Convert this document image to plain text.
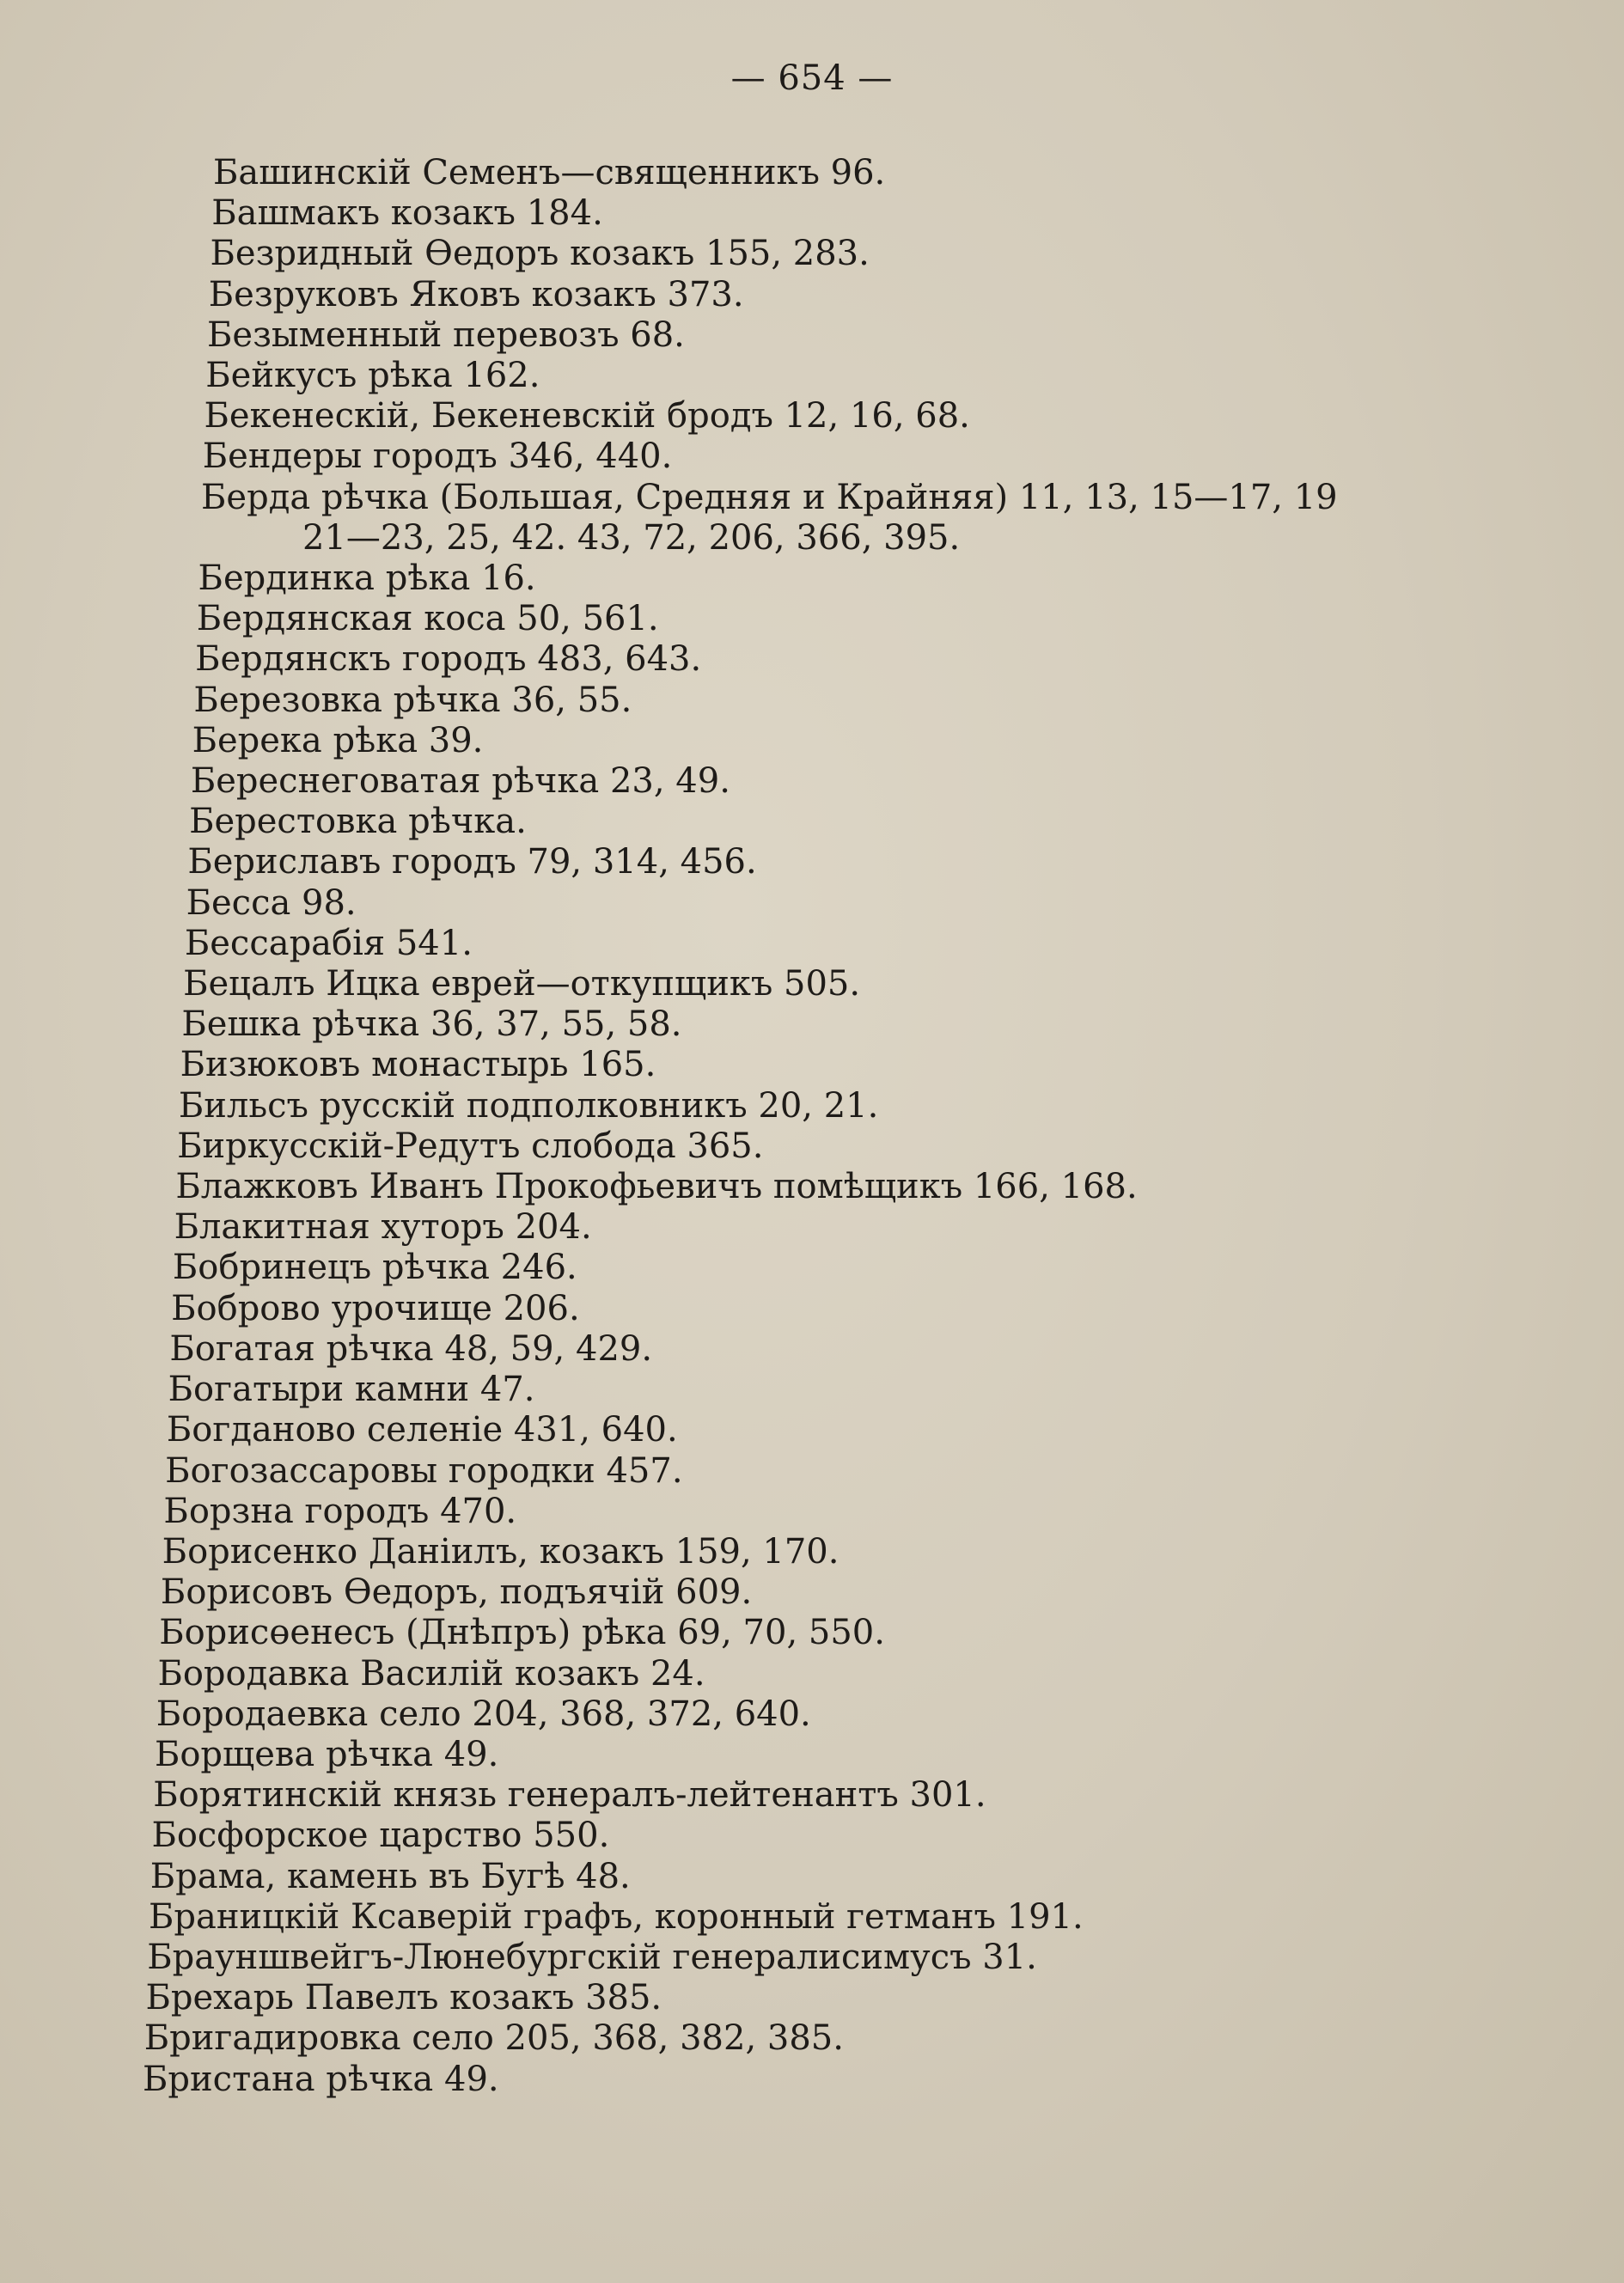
— 654 —
Башинскій Семенъ—священникъ 96.
Башмакъ козакъ 184.
Безридный Өедоръ козакъ 155, 283.
Безруковъ Яковъ козакъ 373.
Безыменный перевозъ 68.
Бейкусъ рѣка 162.
Бекенескій, Бекеневскій бродъ 12, 16, 68.
Бендеры городъ 346, 440.
Берда рѣчка (Большая, Средняя и Крайняя) 11, 13, 15—17, 19
21—23, 25, 42. 43, 72, 206, 366, 395.
Бердинка рѣка 16.
Бердянская коса 50, 561.
Бердянскъ городъ 483, 643.
Березовка рѣчка 36, 55.
Берека рѣка 39.
Береснеговатая рѣчка 23, 49.
Берестовка рѣчка.
Бериславъ городъ 79, 314, 456.
Бесса 98.
Бессарабія 541.
Бецалъ Ицка еврей—откупщикъ 505.
Бешка рѣчка 36, 37, 55, 58.
Бизюковъ монастырь 165.
Бильсъ русскій подполковникъ 20, 21.
Биркусскій-Редутъ слобода 365.
Блажковъ Иванъ Прокофьевичъ помѣщикъ 166, 168.
Блакитная хуторъ 204.
Бобринецъ рѣчка 246.
Боброво урочище 206.
Богатая рѣчка 48, 59, 429.
Богатыри камни 47.
Богданово селеніе 431, 640.
Богозассаровы городки 457.
Борзна городъ 470.
Борисенко Даніилъ, козакъ 159, 170.
Борисовъ Өедоръ, подъячій 609.
Борисөенесъ (Днѣпръ) рѣка 69, 70, 550.
Бородавка Василій козакъ 24.
Бородаевка село 204, 368, 372, 640.
Борщева рѣчка 49.
Борятинскій князь генералъ-лейтенантъ 301.
Босфорское царство 550.
Брама, камень въ Бугѣ 48.
Браницкій Ксаверій графъ, коронный гетманъ 191.
Брауншвейгъ-Люнебургскій генералисимусъ 31.
Брехарь Павелъ козакъ 385.
Бригадировка село 205, 368, 382, 385.
Бристана рѣчка 49.
